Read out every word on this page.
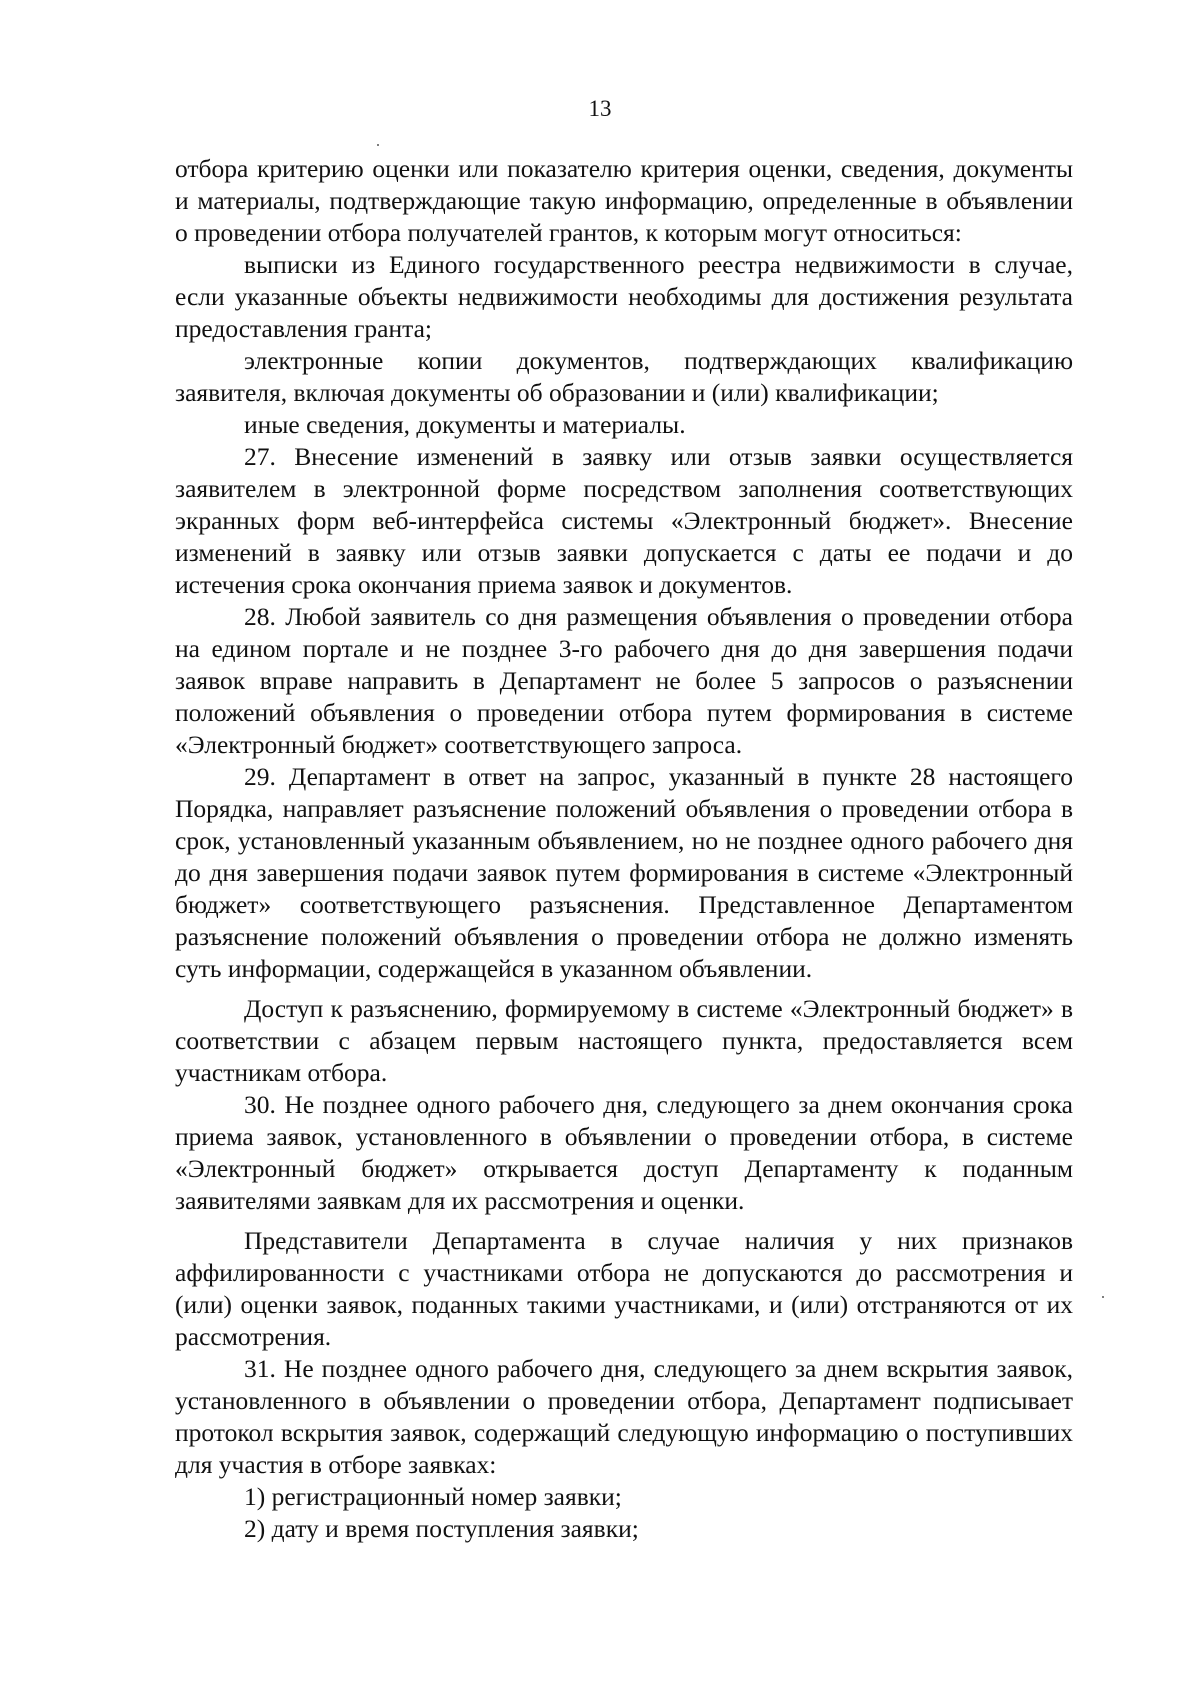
13

отбора критерию оценки или показателю критерия оценки, сведения, документы и материалы, подтверждающие такую информацию, определенные в объявлении о проведении отбора получателей грантов, к которым могут относиться:

выписки из Единого государственного реестра недвижимости в случае, если указанные объекты недвижимости необходимы для достижения результата предоставления гранта;

электронные копии документов, подтверждающих квалификацию заявителя, включая документы об образовании и (или) квалификации;

иные сведения, документы и материалы.

27. Внесение изменений в заявку или отзыв заявки осуществляется заявителем в электронной форме посредством заполнения соответствующих экранных форм веб-интерфейса системы «Электронный бюджет». Внесение изменений в заявку или отзыв заявки допускается с даты ее подачи и до истечения срока окончания приема заявок и документов.

28. Любой заявитель со дня размещения объявления о проведении отбора на едином портале и не позднее 3-го рабочего дня до дня завершения подачи заявок вправе направить в Департамент не более 5 запросов о разъяснении положений объявления о проведении отбора путем формирования в системе «Электронный бюджет» соответствующего запроса.

29. Департамент в ответ на запрос, указанный в пункте 28 настоящего Порядка, направляет разъяснение положений объявления о проведении отбора в срок, установленный указанным объявлением, но не позднее одного рабочего дня до дня завершения подачи заявок путем формирования в системе «Электронный бюджет» соответствующего разъяснения. Представленное Департаментом разъяснение положений объявления о проведении отбора не должно изменять суть информации, содержащейся в указанном объявлении.

Доступ к разъяснению, формируемому в системе «Электронный бюджет» в соответствии с абзацем первым настоящего пункта, предоставляется всем участникам отбора.

30. Не позднее одного рабочего дня, следующего за днем окончания срока приема заявок, установленного в объявлении о проведении отбора, в системе «Электронный бюджет» открывается доступ Департаменту к поданным заявителями заявкам для их рассмотрения и оценки.

Представители Департамента в случае наличия у них признаков аффилированности с участниками отбора не допускаются до рассмотрения и (или) оценки заявок, поданных такими участниками, и (или) отстраняются от их рассмотрения.

31. Не позднее одного рабочего дня, следующего за днем вскрытия заявок, установленного в объявлении о проведении отбора, Департамент подписывает протокол вскрытия заявок, содержащий следующую информацию о поступивших для участия в отборе заявках:

1) регистрационный номер заявки;

2) дату и время поступления заявки;
